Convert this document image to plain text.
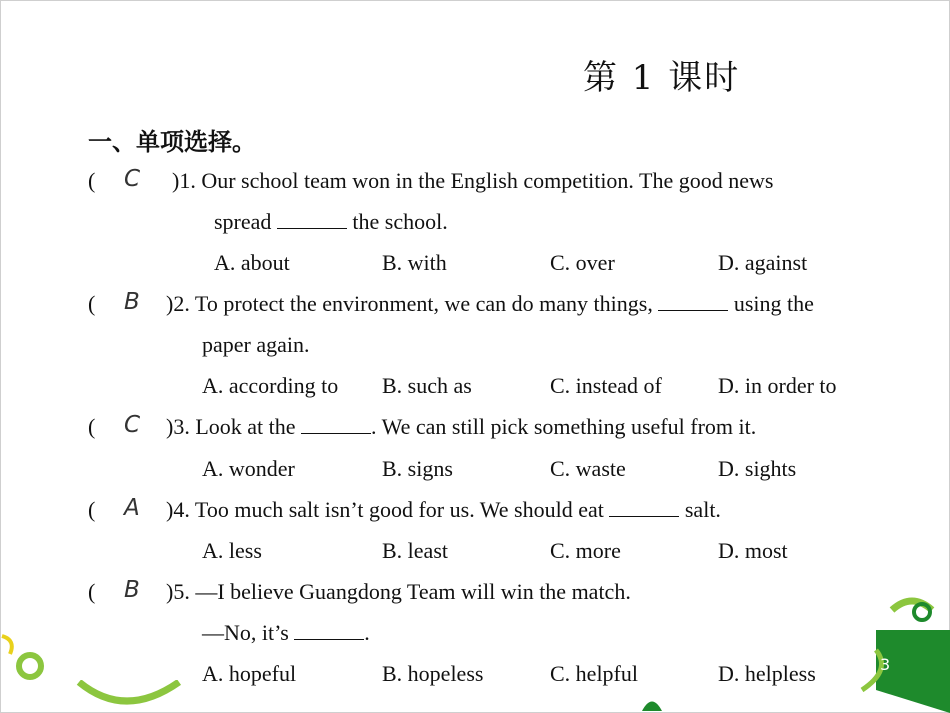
第 1 课时
一、单项选择。
( C )1. Our school team won in the English competition. The good news
spread	the school.
A. about	B. with	C. over	D. against
( B )2. To protect the environment, we can do many things,	using the
paper again.
A. according to B. such as	C. instead of	D. in order to
( C )3. Look at the	. We can still pick something useful from it.
A. wonder	B. signs	C. waste	D. sights
( A )4. Too much salt isn’t good for us. We should eat	salt.
A. less	B. least	C. more	D. most
( B )5. —I believe Guangdong Team will win the match.
—No, it’s	.
A. hopeful	B. hopeless	C. helpful	D. helpless	3
